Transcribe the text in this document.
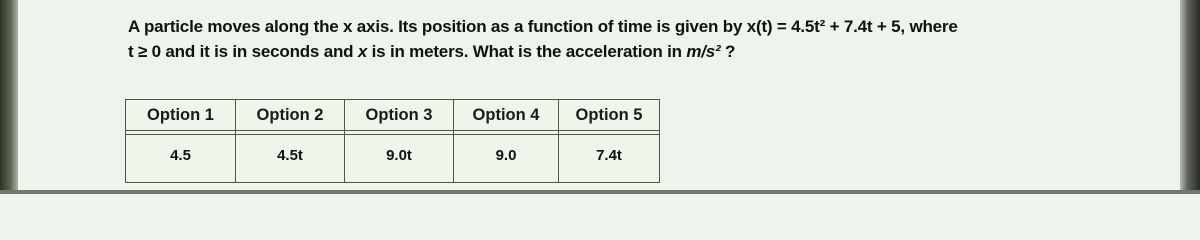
A particle moves along the x axis. Its position as a function of time is given by x(t) = 4.5t² + 7.4t + 5, where
t ≥ 0 and it is in seconds and x is in meters. What is the acceleration in m/s² ?
Option 1	Option 2	Option 3	Option 4	Option 5

4.5	4.5t	9.0t	9.0	7.4t
